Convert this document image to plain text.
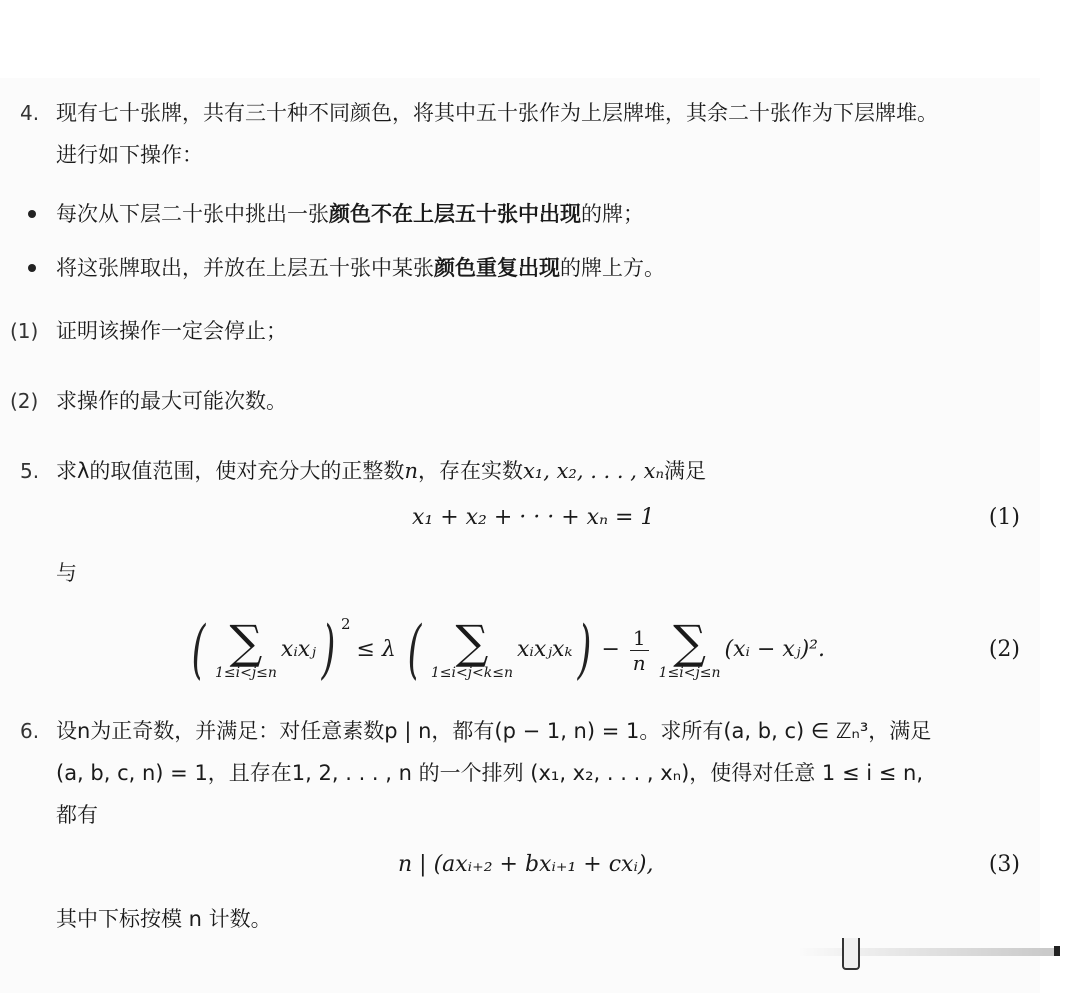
4. 现有七十张牌，共有三十种不同颜色，将其中五十张作为上层牌堆，其余二十张作为下层牌堆。
进行如下操作：
每次从下层二十张中挑出一张颜色不在上层五十张中出现的牌；
将这张牌取出，并放在上层五十张中某张颜色重复出现的牌上方。
(1) 证明该操作一定会停止；
(2) 求操作的最大可能次数。
5. 求λ的取值范围，使对充分大的正整数n，存在实数x₁, x₂, . . . , xₙ满足
x₁ + x₂ + · · · + xₙ = 1	(1)
与
( ∑
1≤i<j≤n
xᵢxⱼ ) $^2$
≤ λ ( ∑
1≤i<j<k≤n
xᵢxⱼxₖ ) − $\frac{1}{n}$ ∑
1≤i<j≤n
(xᵢ − xⱼ)².	(2)
6. 设n为正奇数，并满足：对任意素数p | n，都有(p − 1, n) = 1。求所有(a, b, c) ∈ ℤₙ³，满足
(a, b, c, n) = 1，且存在1, 2, . . . , n 的一个排列 (x₁, x₂, . . . , xₙ)，使得对任意 1 ≤ i ≤ n,
都有
n | (axᵢ₊₂ + bxᵢ₊₁ + cxᵢ),	(3)
其中下标按模 n 计数。
